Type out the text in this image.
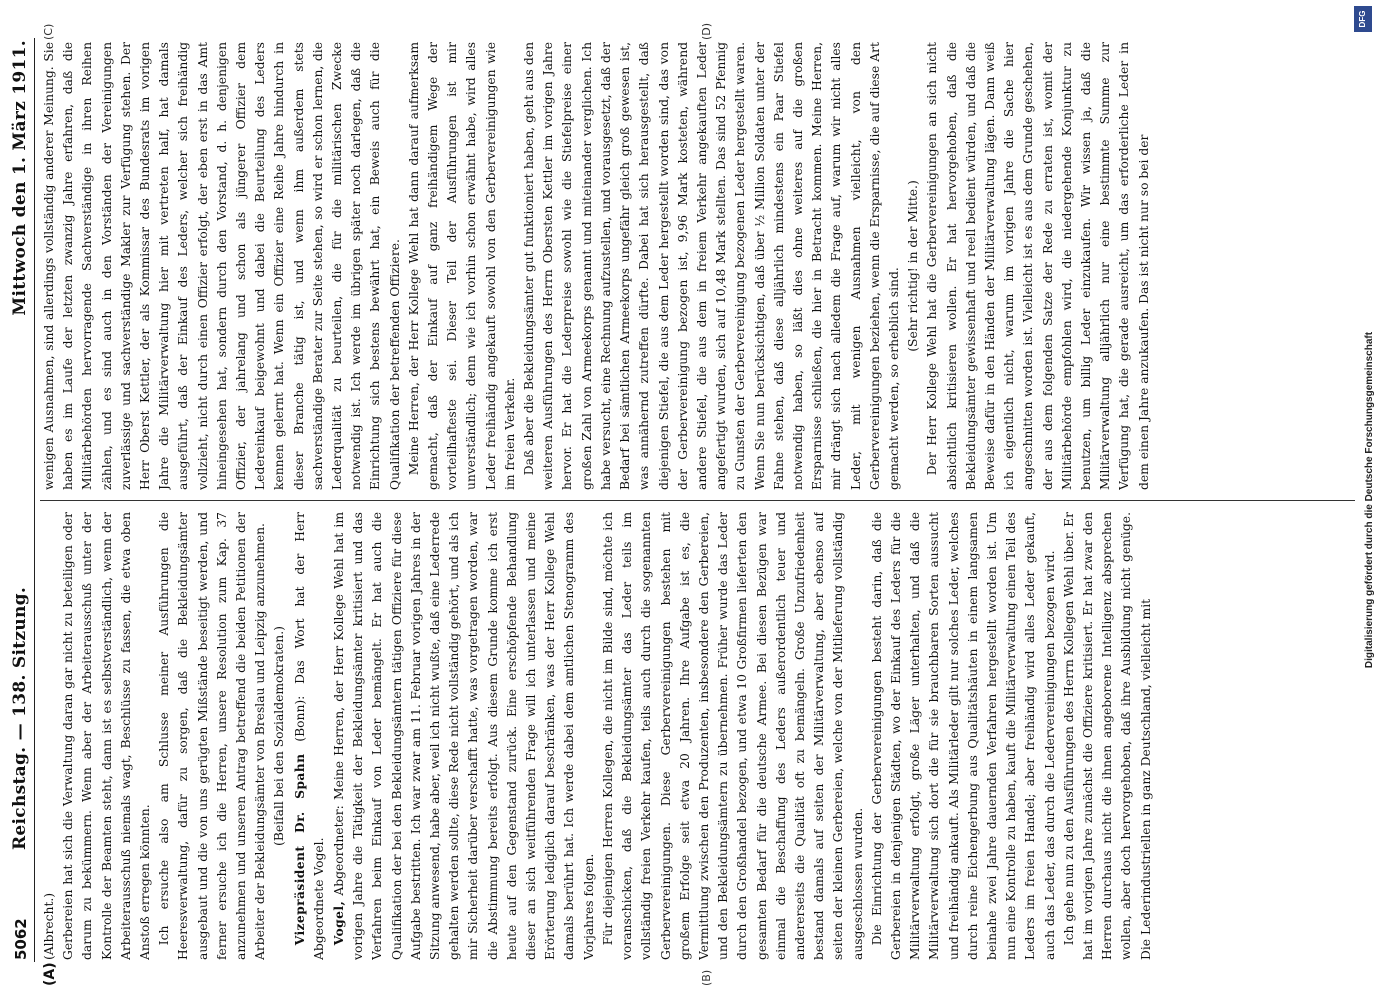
5062
Reichstag. — 138. Sitzung.
Mittwoch den 1. März 1911.
(A)	(B)
(C)	(D)

(Albrecht.) Gerbereien hat sich die Verwaltung daran gar nicht zu beteiligen oder darum zu bekümmern. Wenn aber der Arbeiterausschuß unter der Kontrolle der Beamten steht, dann ist es selbstverständlich, wenn der Arbeiterausschuß niemals wagt, Beschlüsse zu fassen, die etwa oben Anstoß erregen könnten. Ich ersuche also am Schlusse meiner Ausführungen die Heeresverwaltung, dafür zu sorgen, daß die Bekleidungsämter ausgebaut und die von uns gerügten Mißstände beseitigt werden, und ferner ersuche ich die Herren, unsere Resolution zum Kap. 37 anzunehmen und unseren Antrag betreffend die beiden Petitionen der Arbeiter der Bekleidungsämter von Breslau und Leipzig anzunehmen. (Beifall bei den Sozialdemokraten.)

Vizepräsident Dr. Spahn (Bonn): Das Wort hat der Herr Abgeordnete Vogel. Vogel, Abgeordneter: Meine Herren, der Herr Kollege Wehl hat im vorigen Jahre die Tätigkeit der Bekleidungsämter kritisiert und das Verfahren beim Einkauf von Leder bemängelt. Er hat auch die Qualifikation der bei den Bekleidungsämtern tätigen Offiziere für diese Aufgabe bestritten. Ich war zwar am 11. Februar vorigen Jahres in der Sitzung anwesend, habe aber, weil ich nicht wußte, daß eine Lederrede gehalten werden sollte, diese Rede nicht vollständig gehört, und als ich mir Sicherheit darüber verschafft hatte, was vorgetragen worden, war die Abstimmung bereits erfolgt. Aus diesem Grunde komme ich erst heute auf den Gegenstand zurück. Eine erschöpfende Behandlung dieser an sich weitführenden Frage will ich unterlassen und meine Erörterung lediglich darauf beschränken, was der Herr Kollege Wehl damals berührt hat. Ich werde dabei dem amtlichen Stenogramm des Vorjahres folgen. Für diejenigen Herren Kollegen, die nicht im Bilde sind, möchte ich voranschicken, daß die Bekleidungsämter das Leder teils im vollständig freien Verkehr kaufen, teils auch durch die sogenannten Gerbervereinigungen. Diese Gerbervereinigungen bestehen mit großem Erfolge seit etwa 20 Jahren. Ihre Aufgabe ist es, die Vermittlung zwischen den Produzenten, insbesondere den Gerbereien, und den Bekleidungsämtern zu übernehmen. Früher wurde das Leder durch den Großhandel bezogen, und etwa 10 Großfirmen lieferten den gesamten Bedarf für die deutsche Armee. Bei diesen Bezügen war einmal die Beschaffung des Leders außerordentlich teuer und andererseits die Qualität oft zu bemängeln. Große Unzufriedenheit bestand damals auf seiten der Militärverwaltung, aber ebenso auf seiten der kleinen Gerbereien, welche von der Mitlieferung vollständig ausgeschlossen wurden. Die Einrichtung der Gerbervereinigungen besteht darin, daß die Gerbereien in denjenigen Städten, wo der Einkauf des Leders für die Militärverwaltung erfolgt, große Läger unterhalten, und daß die Militärverwaltung sich dort die für sie brauchbaren Sorten aussucht und freihändig ankauft. Als Militärleder gilt nur solches Leder, welches durch reine Eichengerbung aus Qualitätshäuten in einem langsamen beinahe zwei Jahre dauernden Verfahren hergestellt worden ist. Um nun eine Kontrolle zu haben, kauft die Militärverwaltung einen Teil des Leders im freien Handel; aber freihändig wird alles Leder gekauft, auch das Leder, das durch die Ledervereinigungen bezogen wird. Ich gehe nun zu den Ausführungen des Herrn Kollegen Wehl über. Er hat im vorigen Jahre zunächst die Offiziere kritisiert. Er hat zwar den Herren durchaus nicht die ihnen angeborene Intelligenz absprechen wollen, aber doch hervorgehoben, daß ihre Ausbildung nicht genüge. Die Lederindustriellen in ganz Deutschland, vielleicht mit

wenigen Ausnahmen, sind allerdings vollständig anderer Meinung. Sie haben es im Laufe der letzten zwanzig Jahre erfahren, daß die Militärbehörden hervorragende Sachverständige in ihren Reihen zählen, und es sind auch in den Vorständen der Vereinigungen zuverlässige und sachverständige Makler zur Verfügung stehen. Der Herr Oberst Kettler, der als Kommissar des Bundesrats im vorigen Jahre die Militärverwaltung hier mit vertreten half, hat damals ausgeführt, daß der Einkauf des Leders, welcher sich freihändig vollzieht, nicht durch einen Offizier erfolgt, der eben erst in das Amt hineingesehen hat, sondern durch den Vorstand, d. h. denjenigen Offizier, der jahrelang und schon als jüngerer Offizier dem Ledereinkauf beigewohnt und dabei die Beurteilung des Leders kennen gelernt hat. Wenn ein Offizier eine Reihe Jahre hindurch in dieser Branche tätig ist, und wenn ihm außerdem stets sachverständige Berater zur Seite stehen, so wird er schon lernen, die Lederqualität zu beurteilen, die für die militärischen Zwecke notwendig ist. Ich werde im übrigen später noch darlegen, daß die Einrichtung sich bestens bewährt hat, ein Beweis auch für die Qualifikation der betreffenden Offiziere. Meine Herren, der Herr Kollege Wehl hat dann darauf aufmerksam gemacht, daß der Einkauf auf ganz freihändigem Wege der vorteilhafteste sei. Dieser Teil der Ausführungen ist mir unverständlich; denn wie ich vorhin schon erwähnt habe, wird alles Leder freihändig angekauft sowohl von den Gerbervereinigungen wie im freien Verkehr. Daß aber die Bekleidungsämter gut funktioniert haben, geht aus den weiteren Ausführungen des Herrn Obersten Kettler im vorigen Jahre hervor. Er hat die Lederpreise sowohl wie die Stiefelpreise einer großen Zahl von Armeekorps genannt und miteinander verglichen. Ich habe versucht, eine Rechnung aufzustellen, und vorausgesetzt, daß der Bedarf bei sämtlichen Armeekorps ungefähr gleich groß gewesen ist, was annähernd zutreffen dürfte. Dabei hat sich herausgestellt, daß diejenigen Stiefel, die aus dem Leder hergestellt worden sind, das von der Gerbervereinigung bezogen ist, 9,96 Mark kosteten, während andere Stiefel, die aus dem in freiem Verkehr angekauften Leder angefertigt wurden, sich auf 10,48 Mark stellten. Das sind 52 Pfennig zu Gunsten der Gerbervereinigung bezogenen Leder hergestellt waren. Wenn Sie nun berücksichtigen, daß über ½ Million Soldaten unter der Fahne stehen, daß diese alljährlich mindestens ein Paar Stiefel notwendig haben, so läßt dies ohne weiteres auf die großen Ersparnisse schließen, die hier in Betracht kommen. Meine Herren, mir drängt sich nach alledem die Frage auf, warum wir nicht alles Leder, mit wenigen Ausnahmen vielleicht, von den Gerbervereinigungen beziehen, wenn die Ersparnisse, die auf diese Art gemacht werden, so erheblich sind.

(Sehr richtig! in der Mitte.) Der Herr Kollege Wehl hat die Gerbervereinigungen an sich nicht absichtlich kritisieren wollen. Er hat hervorgehoben, daß die Bekleidungsämter gewissenhaft und reell bedient würden, und daß die Beweise dafür in den Händen der Militärverwaltung lägen. Dann weiß ich eigentlich nicht, warum im vorigen Jahre die Sache hier angeschnitten worden ist. Vielleicht ist es aus dem Grunde geschehen, der aus dem folgenden Satze der Rede zu erraten ist, womit der Militärbehörde empfohlen wird, die niedergehende Konjunktur zu benutzen, um billig Leder einzukaufen. Wir wissen ja, daß die Militärverwaltung alljährlich nur eine bestimmte Summe zur Verfügung hat, die gerade ausreicht, um das erforderliche Leder in dem einen Jahre anzukaufen. Das ist nicht nur so bei der

Digitalisierung gefördert durch die Deutsche Forschungsgemeinschaft
DFG
